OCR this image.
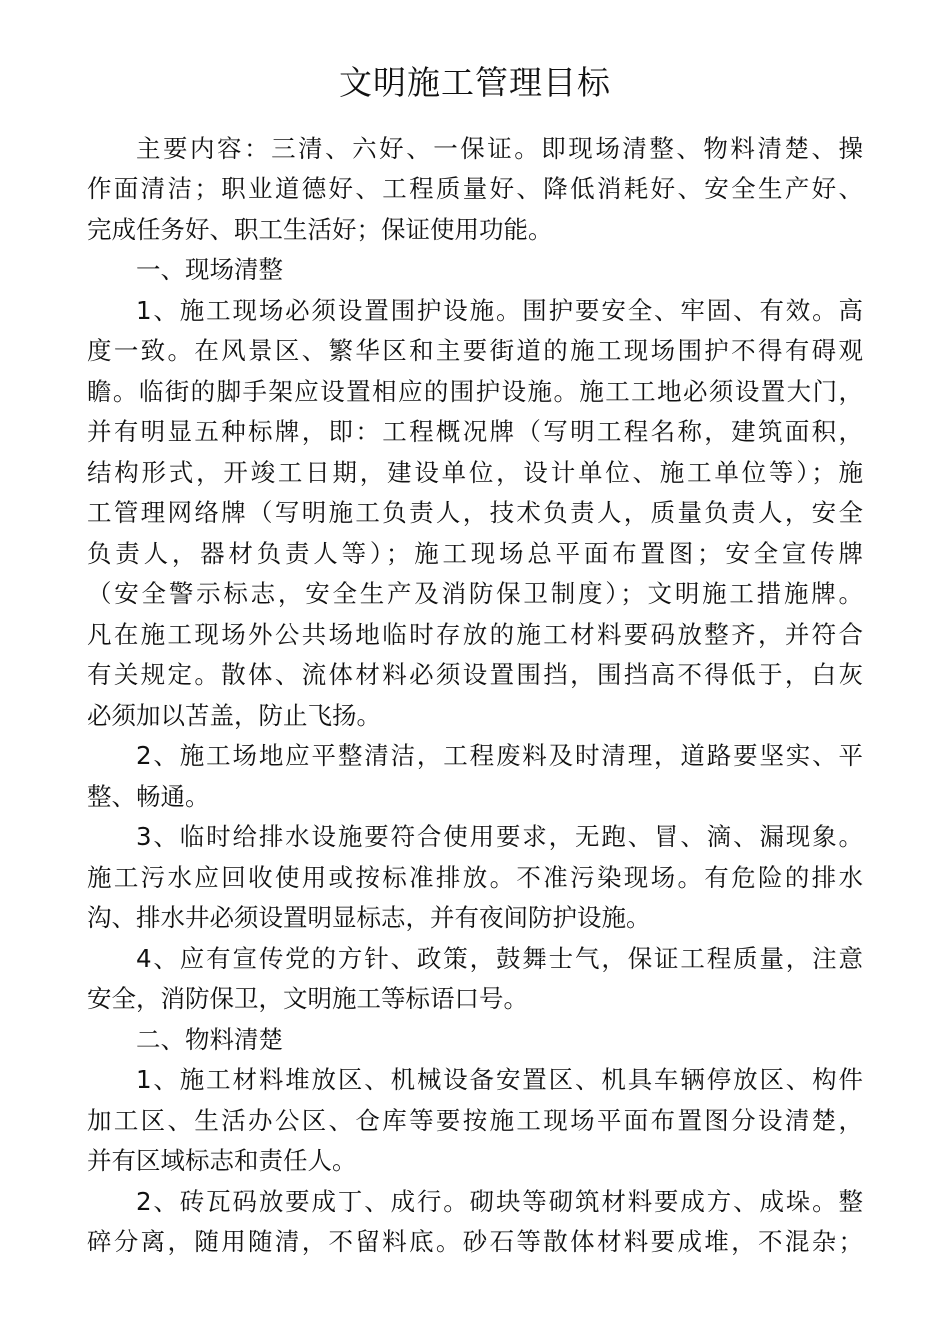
文明施工管理目标

主要内容：三清、六好、一保证。即现场清整、物料清楚、操

作面清洁；职业道德好、工程质量好、降低消耗好、安全生产好、

完成任务好、职工生活好；保证使用功能。

一、现场清整

1、施工现场必须设置围护设施。围护要安全、牢固、有效。高

度一致。在风景区、繁华区和主要街道的施工现场围护不得有碍观

瞻。临街的脚手架应设置相应的围护设施。施工工地必须设置大门，

并有明显五种标牌，即：工程概况牌（写明工程名称，建筑面积，

结构形式，开竣工日期，建设单位，设计单位、施工单位等）；施

工管理网络牌（写明施工负责人，技术负责人，质量负责人，安全

负责人，器材负责人等）；施工现场总平面布置图；安全宣传牌

（安全警示标志，安全生产及消防保卫制度）；文明施工措施牌。

凡在施工现场外公共场地临时存放的施工材料要码放整齐，并符合

有关规定。散体、流体材料必须设置围挡，围挡高不得低于，白灰

必须加以苫盖，防止飞扬。

2、施工场地应平整清洁，工程废料及时清理，道路要坚实、平

整、畅通。

3、临时给排水设施要符合使用要求，无跑、冒、滴、漏现象。

施工污水应回收使用或按标准排放。不准污染现场。有危险的排水

沟、排水井必须设置明显标志，并有夜间防护设施。

4、应有宣传党的方针、政策，鼓舞士气，保证工程质量，注意

安全，消防保卫，文明施工等标语口号。

二、物料清楚

1、施工材料堆放区、机械设备安置区、机具车辆停放区、构件

加工区、生活办公区、仓库等要按施工现场平面布置图分设清楚，

并有区域标志和责任人。

2、砖瓦码放要成丁、成行。砌块等砌筑材料要成方、成垛。整

碎分离，随用随清，不留料底。砂石等散体材料要成堆，不混杂；
